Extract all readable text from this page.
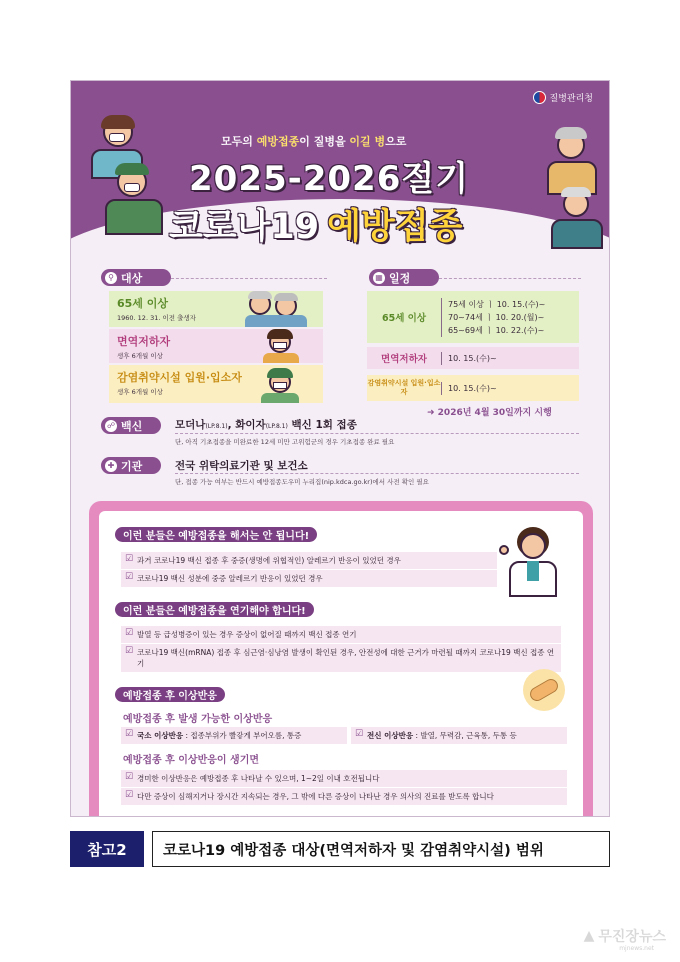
질병관리청
모두의 예방접종이 질병을 이길 병으로
2025-2026절기
코로나19 예방접종
⚲ 대상
65세 이상
1960. 12. 31. 이전 출생자
면역저하자
생후 6개월 이상
감염취약시설 입원·입소자
생후 6개월 이상
▦ 일정
65세 이상
75세 이상 ㅣ 10. 15.(수)~
70~74세 ㅣ 10. 20.(월)~
65~69세 ㅣ 10. 22.(수)~
면역저하자	10. 15.(수)~
감염취약시설 입원·입소자	10. 15.(수)~
➜ 2026년 4월 30일까지 시행
☍ 백신	모더나(LP.8.1), 화이자(LP.8.1) 백신 1회 접종
단, 아직 기초접종을 미완료한 12세 미만 고위험군의 경우 기초접종 완료 필요
✚ 기관	전국 위탁의료기관 및 보건소
단, 접종 가능 여부는 반드시 예방접종도우미 누리집(nip.kdca.go.kr)에서 사전 확인 필요
이런 분들은 예방접종을 해서는 안 됩니다!
☑ 과거 코로나19 백신 접종 후 중증(생명에 위협적인) 알레르기 반응이 있었던 경우
☑ 코로나19 백신 성분에 중증 알레르기 반응이 있었던 경우
이런 분들은 예방접종을 연기해야 합니다!
☑ 발열 등 급성병증이 있는 경우 증상이 없어질 때까지 백신 접종 연기
☑ 코로나19 백신(mRNA) 접종 후 심근염·심낭염 발생이 확인된 경우, 안전성에 대한 근거가 마련될 때까지 코로나19 백신 접종 연기
예방접종 후 이상반응
예방접종 후 발생 가능한 이상반응
☑ 국소 이상반응 : 접종부위가 빨갛게 부어오름, 통증
☑	전신 이상반응 : 발열, 무력감, 근육통, 두통 등
예방접종 후 이상반응이 생기면
☑ 경미한 이상반응은 예방접종 후 나타날 수 있으며, 1~2일 이내 호전됩니다
☑ 다만 증상이 심해지거나 장시간 지속되는 경우, 그 밖에 다른 증상이 나타난 경우 의사의 진료를 받도록 합니다
참고2	코로나19 예방접종 대상(면역저하자 및 감염취약시설) 범위
▲ 무진장뉴스
mjnews.net
